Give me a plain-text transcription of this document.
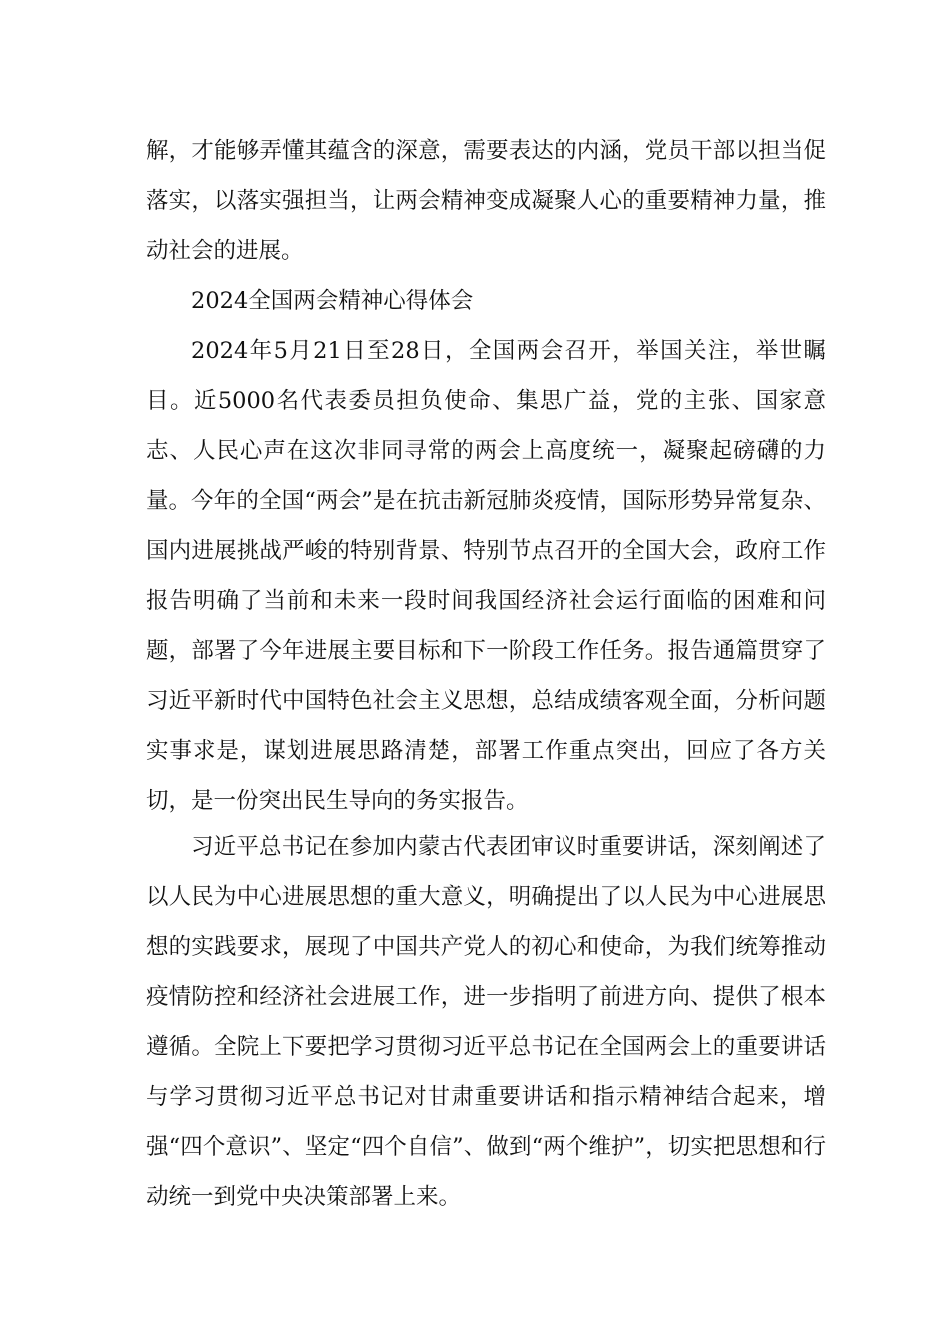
解，才能够弄懂其蕴含的深意，需要表达的内涵，党员干部以担当促落实，以落实强担当，让两会精神变成凝聚人心的重要精神力量，推动社会的进展。

2024全国两会精神心得体会

2024年5月21日至28日，全国两会召开，举国关注，举世瞩目。近5000名代表委员担负使命、集思广益，党的主张、国家意志、人民心声在这次非同寻常的两会上高度统一，凝聚起磅礴的力量。 今年的全国“两会”是在抗击新冠肺炎疫情，国际形势异常复杂、国内进展挑战严峻的特别背景、特别节点召开的全国大会，政府工作报告明确了当前和未来一段时间我国经济社会运行面临的困难和问题，部署了今年进展主要目标和下一阶段工作任务。报告通篇贯穿了习近平新时代中国特色社会主义思想，总结成绩客观全面，分析问题实事求是，谋划进展思路清楚，部署工作重点突出，回应了各方关切，是一份突出民生导向的务实报告。

习近平总书记在参加内蒙古代表团审议时重要讲话，深刻阐述了以人民为中心进展思想的重大意义，明确提出了以人民为中心进展思想的实践要求，展现了中国共产党人的初心和使命，为我们统筹推动疫情防控和经济社会进展工作，进一步指明了前进方向、提供了根本遵循。全院上下要把学习贯彻习近平总书记在全国两会上的重要讲话与学习贯彻习近平总书记对甘肃重要讲话和指示精神结合起来，增强“四个意识”、坚定“四个自信”、做到“两个维护”，切实把思想和行动统一到党中央决策部署上来。
